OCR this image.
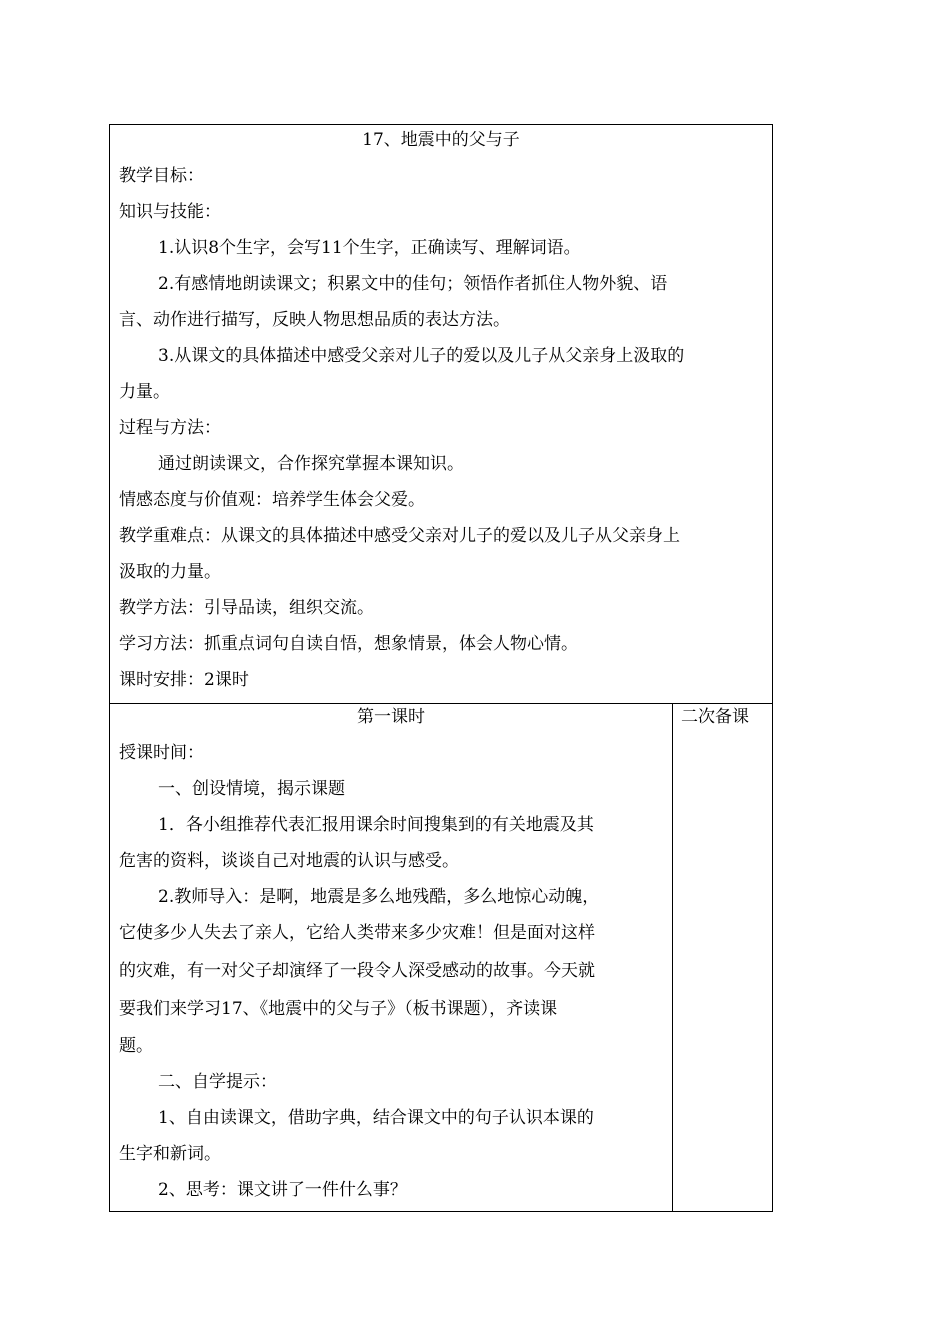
17、地震中的父与子
教学目标：
知识与技能：
1.认识8个生字，会写11个生字，正确读写、理解词语。
2.有感情地朗读课文；积累文中的佳句；领悟作者抓住人物外貌、语
言、动作进行描写，反映人物思想品质的表达方法。
3.从课文的具体描述中感受父亲对儿子的爱以及儿子从父亲身上汲取的
力量。
过程与方法：
通过朗读课文，合作探究掌握本课知识。
情感态度与价值观：培养学生体会父爱。
教学重难点：从课文的具体描述中感受父亲对儿子的爱以及儿子从父亲身上
汲取的力量。
教学方法：引导品读，组织交流。
学习方法：抓重点词句自读自悟，想象情景，体会人物心情。
课时安排：2课时
第一课时	二次备课
授课时间：
一、创设情境，揭示课题
1．各小组推荐代表汇报用课余时间搜集到的有关地震及其
危害的资料，谈谈自己对地震的认识与感受。
2.教师导入：是啊，地震是多么地残酷，多么地惊心动魄，
它使多少人失去了亲人，它给人类带来多少灾难！但是面对这样
的灾难，有一对父子却演绎了一段令人深受感动的故事。今天就
要我们来学习17、《地震中的父与子》（板书课题），齐读课
题。
二、自学提示：
1、自由读课文，借助字典，结合课文中的句子认识本课的
生字和新词。
2、思考：课文讲了一件什么事？
